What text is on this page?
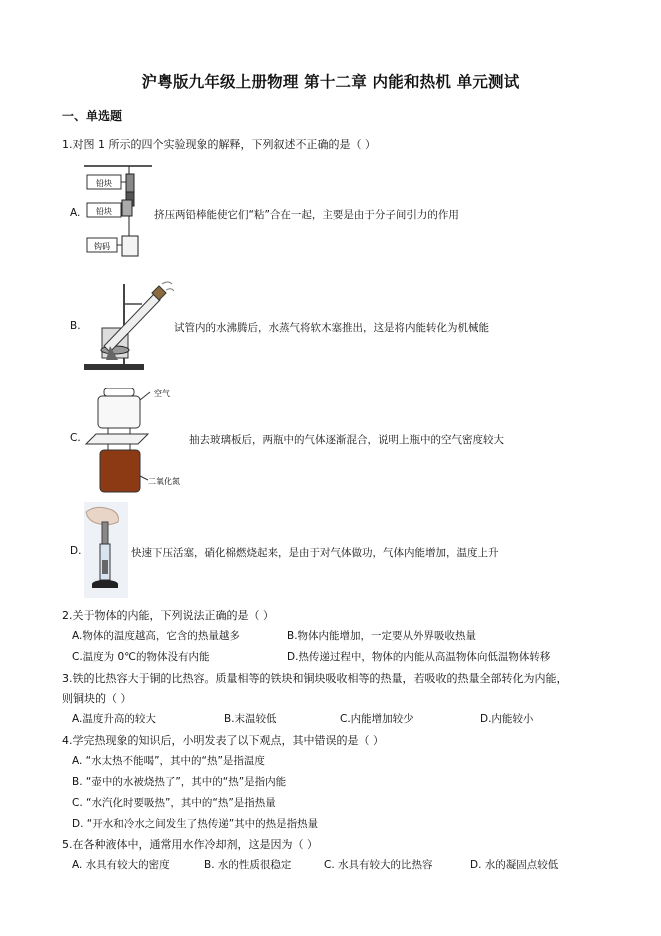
沪粤版九年级上册物理 第十二章 内能和热机 单元测试
一、单选题
1.对图 1 所示的四个实验现象的解释，下列叙述不正确的是（ ）
A.
铅块
铅块
钩码
挤压两铅棒能使它们“粘”合在一起，主要是由于分子间引力的作用
B.	试管内的水沸腾后，水蒸气将软木塞推出，这是将内能转化为机械能
C.
空气
二氧化氮
抽去玻璃板后，两瓶中的气体逐渐混合，说明上瓶中的空气密度较大
D.	快速下压活塞，硝化棉燃烧起来，是由于对气体做功，气体内能增加，温度上升
2.关于物体的内能，下列说法正确的是（ ）
A.物体的温度越高，它含的热量越多	B.物体内能增加，一定要从外界吸收热量
C.温度为 0℃的物体没有内能	D.热传递过程中，物体的内能从高温物体向低温物体转移
3.铁的比热容大于铜的比热容。质量相等的铁块和铜块吸收相等的热量，若吸收的热量全部转化为内能，
则铜块的（ ）
A.温度升高的较大	B.末温较低	C.内能增加较少	D.内能较小
4.学完热现象的知识后，小明发表了以下观点，其中错误的是（ ）
A. “水太热不能喝”，其中的“热”是指温度
B. “壶中的水被烧热了”，其中的“热”是指内能
C. “水汽化时要吸热”，其中的“热”是指热量
D. “开水和冷水之间发生了热传递”其中的热是指热量
5.在各种液体中，通常用水作冷却剂，这是因为（ ）
A. 水具有较大的密度	B. 水的性质很稳定	C. 水具有较大的比热容	D. 水的凝固点较低
